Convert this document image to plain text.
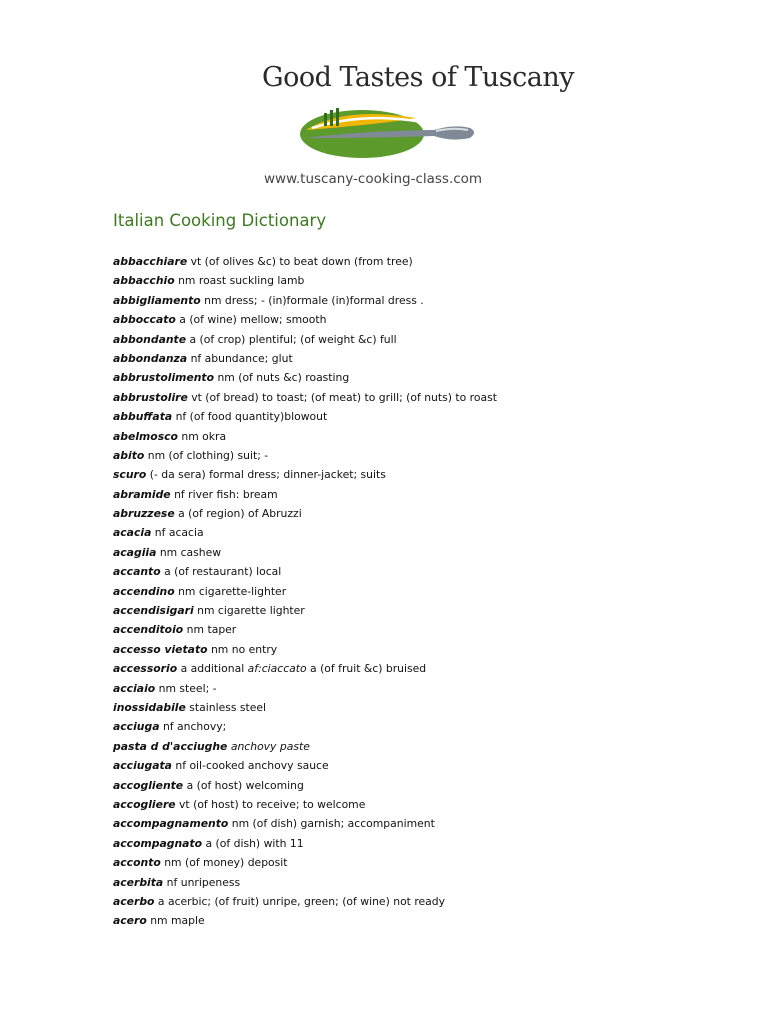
Good Tastes of Tuscany
www.tuscany-cooking-class.com
Italian Cooking Dictionary
abbacchiare vt (of olives &c) to beat down (from tree)
abbacchio nm roast suckling lamb
abbigliamento nm dress; - (in)formale (in)formal dress .
abboccato a (of wine) mellow; smooth
abbondante a (of crop) plentiful; (of weight &c) full
abbondanza nf abundance; glut
abbrustolimento nm (of nuts &c) roasting
abbrustolire vt (of bread) to toast; (of meat) to grill; (of nuts) to roast
abbuffata nf (of food quantity)blowout
abelmosco nm okra
abito nm (of clothing) suit; -
scuro (- da sera) formal dress; dinner-jacket; suits
abramide nf river fish: bream
abruzzese a (of region) of Abruzzi
acacia nf acacia
acagiia nm cashew
accanto a (of restaurant) local
accendino nm cigarette-lighter
accendisigari nm cigarette lighter
accenditoio nm taper
accesso vietato nm no entry
accessorio a additional af:ciaccato a (of fruit &c) bruised
acciaio nm steel; -
inossidabile stainless steel
acciuga nf anchovy;
pasta d d'acciughe anchovy paste
acciugata nf oil-cooked anchovy sauce
accogliente a (of host) welcoming
accogliere vt (of host) to receive; to welcome
accompagnamento nm (of dish) garnish; accompaniment
accompagnato a (of dish) with 11
acconto nm (of money) deposit
acerbita nf unripeness
acerbo a acerbic; (of fruit) unripe, green; (of wine) not ready
acero nm maple
